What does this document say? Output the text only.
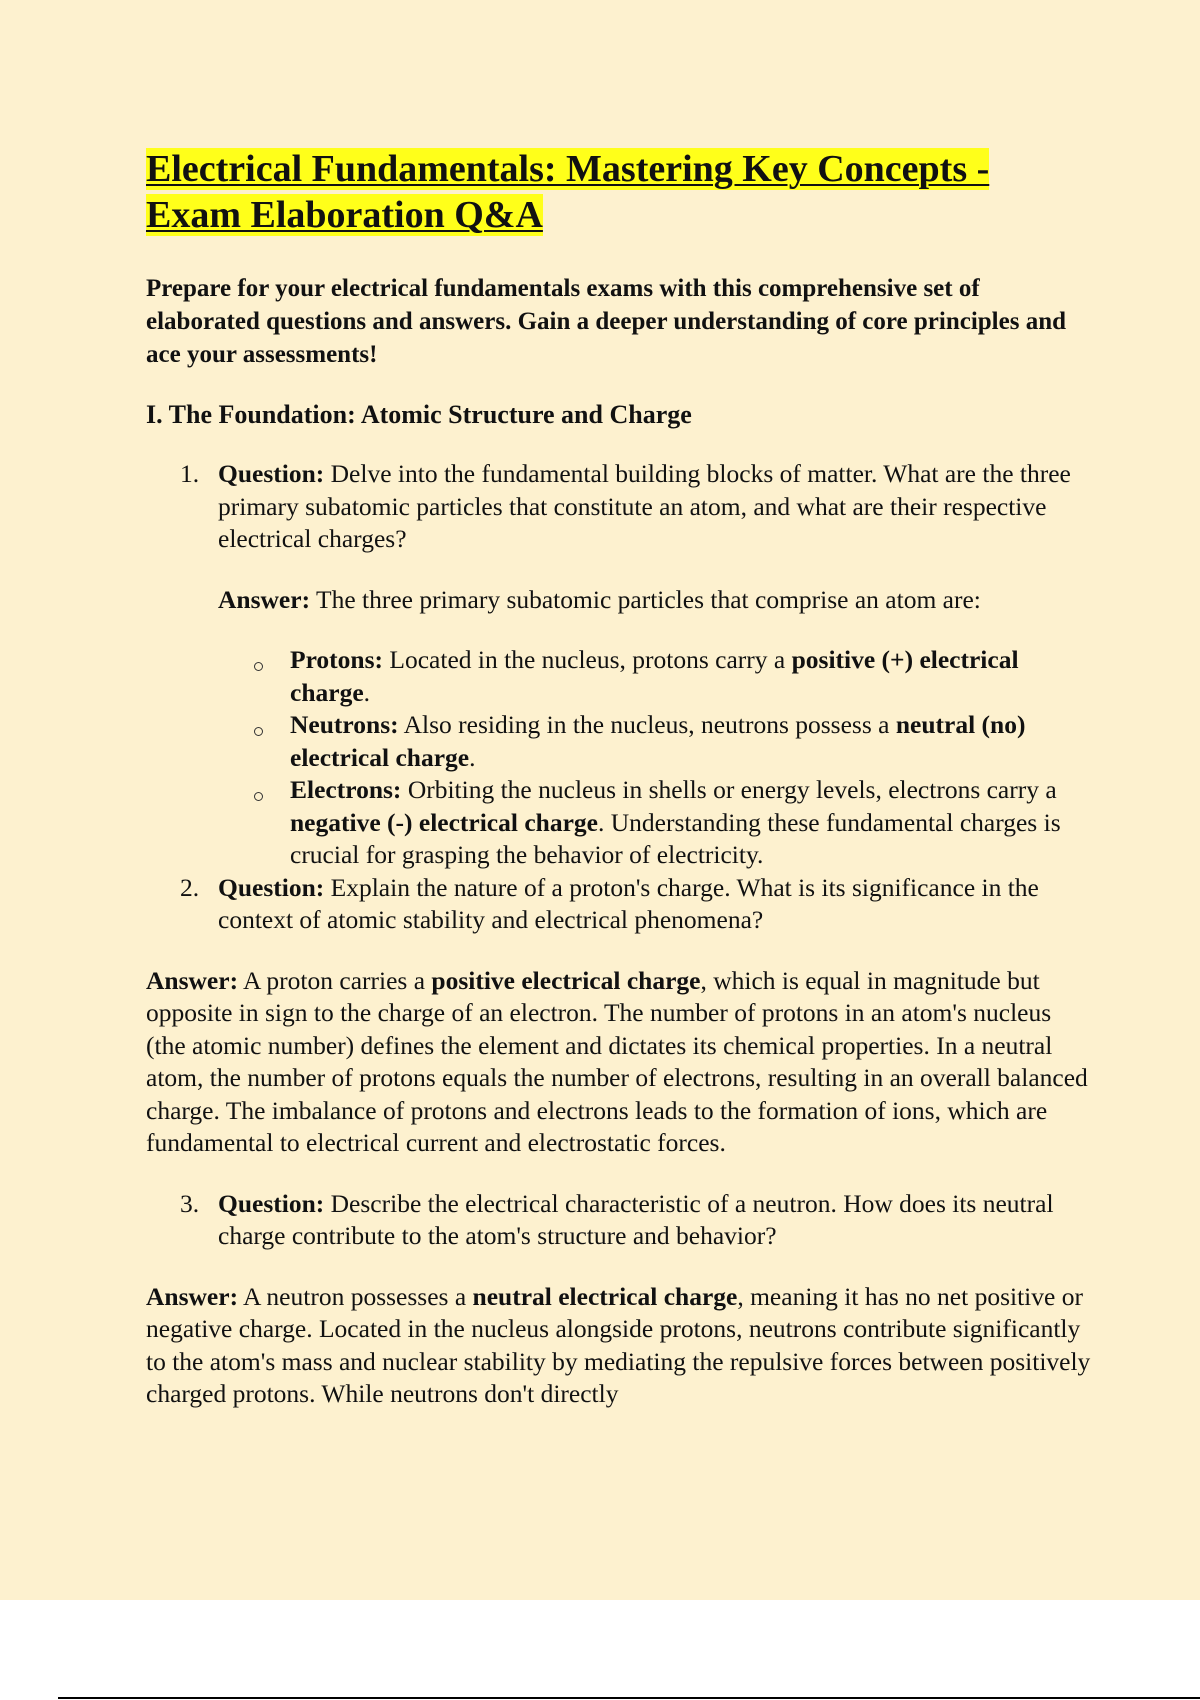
Electrical Fundamentals: Mastering Key Concepts -
Exam Elaboration Q&A

Prepare for your electrical fundamentals exams with this comprehensive set of elaborated questions and answers. Gain a deeper understanding of core principles and ace your assessments!

I. The Foundation: Atomic Structure and Charge

1. Question: Delve into the fundamental building blocks of matter. What are the three primary subatomic particles that constitute an atom, and what are their respective electrical charges?
Answer: The three primary subatomic particles that comprise an atom are:
Protons: Located in the nucleus, protons carry a positive (+) electrical charge.
Neutrons: Also residing in the nucleus, neutrons possess a neutral (no) electrical charge.
Electrons: Orbiting the nucleus in shells or energy levels, electrons carry a negative (-) electrical charge. Understanding these fundamental charges is crucial for grasping the behavior of electricity.
2. Question: Explain the nature of a proton's charge. What is its significance in the context of atomic stability and electrical phenomena?

Answer: A proton carries a positive electrical charge, which is equal in magnitude but opposite in sign to the charge of an electron. The number of protons in an atom's nucleus (the atomic number) defines the element and dictates its chemical properties. In a neutral atom, the number of protons equals the number of electrons, resulting in an overall balanced charge. The imbalance of protons and electrons leads to the formation of ions, which are fundamental to electrical current and electrostatic forces.

3. Question: Describe the electrical characteristic of a neutron. How does its neutral charge contribute to the atom's structure and behavior?

Answer: A neutron possesses a neutral electrical charge, meaning it has no net positive or negative charge. Located in the nucleus alongside protons, neutrons contribute significantly to the atom's mass and nuclear stability by mediating the repulsive forces between positively charged protons. While neutrons don't directly
